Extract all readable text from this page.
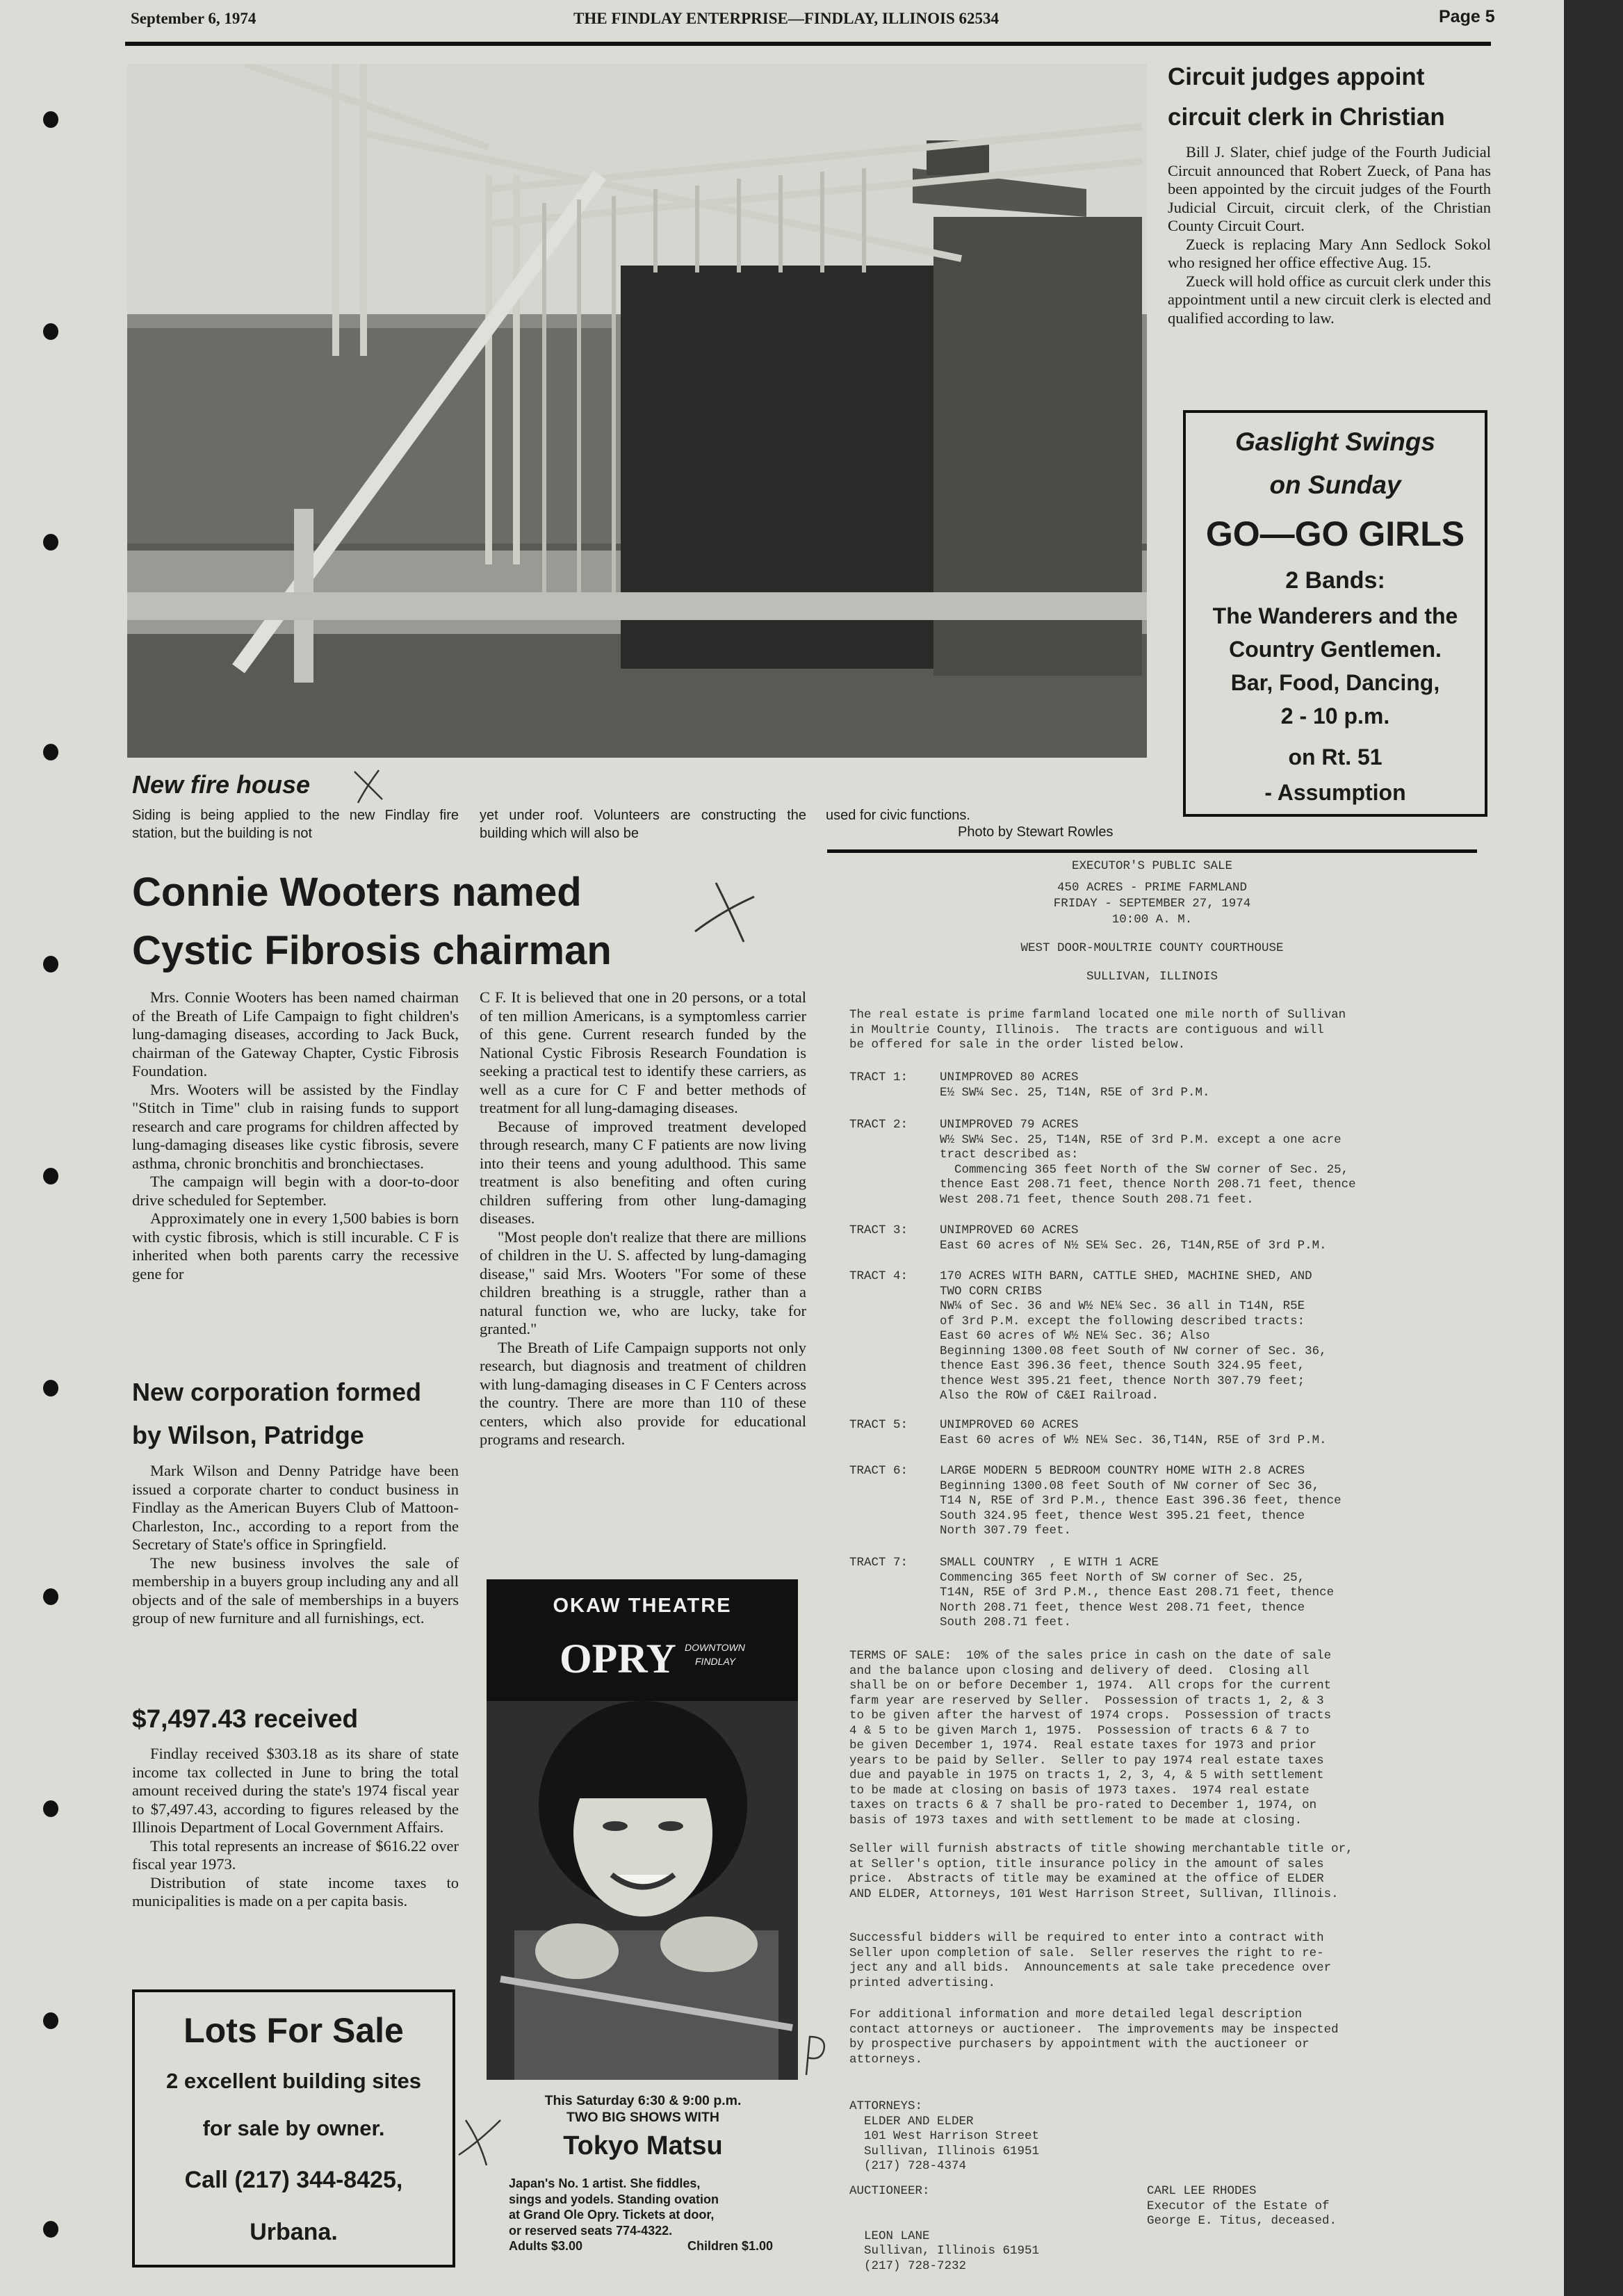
September 6, 1974	THE FINDLAY ENTERPRISE—FINDLAY, ILLINOIS 62534	Page 5
New fire house
Siding is being applied to the new Findlay fire station, but the building is not
yet under roof. Volunteers are constructing the building which will also be
used for civic functions.
Photo by Stewart Rowles
Circuit judges appoint
circuit clerk in Christian

Bill J. Slater, chief judge of the Fourth Judicial Circuit announced that Robert Zueck, of Pana has been appointed by the circuit judges of the Fourth Judicial Circuit, circuit clerk, of the Christian County Circuit Court.

Zueck is replacing Mary Ann Sedlock Sokol who resigned her office effective Aug. 15.

Zueck will hold office as curcuit clerk under this appointment until a new circuit clerk is elected and qualified according to law.

Gaslight Swings
on Sunday
GO—GO GIRLS
2 Bands:
The Wanderers and the
Country Gentlemen.
Bar, Food, Dancing,
2 - 10 p.m.
on Rt. 51
- Assumption
Connie Wooters named
Cystic Fibrosis chairman

Mrs. Connie Wooters has been named chairman of the Breath of Life Campaign to fight children's lung-damaging diseases, according to Jack Buck, chairman of the Gateway Chapter, Cystic Fibrosis Foundation.

Mrs. Wooters will be assisted by the Findlay "Stitch in Time" club in raising funds to support research and care programs for children affected by lung-damaging diseases like cystic fibrosis, severe asthma, chronic bronchitis and bronchiectases.

The campaign will begin with a door-to-door drive scheduled for September.

Approximately one in every 1,500 babies is born with cystic fibrosis, which is still incurable. C F is inherited when both parents carry the recessive gene for

C F. It is believed that one in 20 persons, or a total of ten million Americans, is a symptomless carrier of this gene. Current research funded by the National Cystic Fibrosis Research Foundation is seeking a practical test to identify these carriers, as well as a cure for C F and better methods of treatment for all lung-damaging diseases.

Because of improved treatment developed through research, many C F patients are now living into their teens and young adulthood. This same treatment is also benefiting and often curing children suffering from other lung-damaging diseases.

"Most people don't realize that there are millions of children in the U. S. affected by lung-damaging disease," said Mrs. Wooters "For some of these children breathing is a struggle, rather than a natural function we, who are lucky, take for granted."

The Breath of Life Campaign supports not only research, but diagnosis and treatment of children with lung-damaging diseases in C F Centers across the country. There are more than 110 of these centers, which also provide for educational programs and research.

New corporation formed
by Wilson, Patridge

Mark Wilson and Denny Patridge have been issued a corporate charter to conduct business in Findlay as the American Buyers Club of Mattoon-Charleston, Inc., according to a report from the Secretary of State's office in Springfield.

The new business involves the sale of membership in a buyers group including any and all objects and of the sale of memberships in a buyers group of new furniture and all furnishings, ect.

$7,497.43 received

Findlay received $303.18 as its share of state income tax collected in June to bring the total amount received during the state's 1974 fiscal year to $7,497.43, according to figures released by the Illinois Department of Local Government Affairs.

This total represents an increase of $616.22 over fiscal year 1973.

Distribution of state income taxes to municipalities is made on a per capita basis.

Lots For Sale
2 excellent building sites
for sale by owner.
Call (217) 344-8425,
Urbana.
OKAW THEATRE
OPRY DOWNTOWN
FINDLAY
This Saturday 6:30 & 9:00 p.m.
TWO BIG SHOWS WITH
Tokyo Matsu
Japan's No. 1 artist. She fiddles,
sings and yodels. Standing ovation
at Grand Ole Opry. Tickets at door,
or reserved seats 774-4322.
Adults $3.00	Children $1.00
EXECUTOR'S PUBLIC SALE
450 ACRES - PRIME FARMLAND
FRIDAY - SEPTEMBER 27, 1974
10:00 A. M.
WEST DOOR-MOULTRIE COUNTY COURTHOUSE
SULLIVAN, ILLINOIS
The real estate is prime farmland located one mile north of Sullivan
in Moultrie County, Illinois.  The tracts are contiguous and will
be offered for sale in the order listed below.
TRACT 1:	UNIMPROVED 80 ACRES
E½ SW¼ Sec. 25, T14N, R5E of 3rd P.M.
TRACT 2:	UNIMPROVED 79 ACRES
W½ SW¼ Sec. 25, T14N, R5E of 3rd P.M. except a one acre
tract described as:
Commencing 365 feet North of the SW corner of Sec. 25,
thence East 208.71 feet, thence North 208.71 feet, thence
West 208.71 feet, thence South 208.71 feet.
TRACT 3:	UNIMPROVED 60 ACRES
East 60 acres of N½ SE¼ Sec. 26, T14N,R5E of 3rd P.M.
TRACT 4:	170 ACRES WITH BARN, CATTLE SHED, MACHINE SHED, AND
TWO CORN CRIBS
NW¼ of Sec. 36 and W½ NE¼ Sec. 36 all in T14N, R5E
of 3rd P.M. except the following described tracts:
East 60 acres of W½ NE¼ Sec. 36; Also
Beginning 1300.08 feet South of NW corner of Sec. 36,
thence East 396.36 feet, thence South 324.95 feet,
thence West 395.21 feet, thence North 307.79 feet;
Also the ROW of C&EI Railroad.
TRACT 5:	UNIMPROVED 60 ACRES
East 60 acres of W½ NE¼ Sec. 36,T14N, R5E of 3rd P.M.
TRACT 6:	LARGE MODERN 5 BEDROOM COUNTRY HOME WITH 2.8 ACRES
Beginning 1300.08 feet South of NW corner of Sec 36,
T14 N, R5E of 3rd P.M., thence East 396.36 feet, thence
South 324.95 feet, thence West 395.21 feet, thence
North 307.79 feet.
TRACT 7:	SMALL COUNTRY  , E WITH 1 ACRE
Commencing 365 feet North of SW corner of Sec. 25,
T14N, R5E of 3rd P.M., thence East 208.71 feet, thence
North 208.71 feet, thence West 208.71 feet, thence
South 208.71 feet.
TERMS OF SALE:  10% of the sales price in cash on the date of sale
and the balance upon closing and delivery of deed.  Closing all
shall be on or before December 1, 1974.  All crops for the current
farm year are reserved by Seller.  Possession of tracts 1, 2, & 3
to be given after the harvest of 1974 crops.  Possession of tracts
4 & 5 to be given March 1, 1975.  Possession of tracts 6 & 7 to
be given December 1, 1974.  Real estate taxes for 1973 and prior
years to be paid by Seller.  Seller to pay 1974 real estate taxes
due and payable in 1975 on tracts 1, 2, 3, 4, & 5 with settlement
to be made at closing on basis of 1973 taxes.  1974 real estate
taxes on tracts 6 & 7 shall be pro-rated to December 1, 1974, on
basis of 1973 taxes and with settlement to be made at closing.
Seller will furnish abstracts of title showing merchantable title or,
at Seller's option, title insurance policy in the amount of sales
price.  Abstracts of title may be examined at the office of ELDER
AND ELDER, Attorneys, 101 West Harrison Street, Sullivan, Illinois.
Successful bidders will be required to enter into a contract with
Seller upon completion of sale.  Seller reserves the right to re-
ject any and all bids.  Announcements at sale take precedence over
printed advertising.
For additional information and more detailed legal description
contact attorneys or auctioneer.  The improvements may be inspected
by prospective purchasers by appointment with the auctioneer or
attorneys.
ATTORNEYS:
ELDER AND ELDER
101 West Harrison Street
Sullivan, Illinois 61951
(217) 728-4374
AUCTIONEER:

LEON LANE
Sullivan, Illinois 61951
(217) 728-7232
CARL LEE RHODES
Executor of the Estate of
George E. Titus, deceased.
